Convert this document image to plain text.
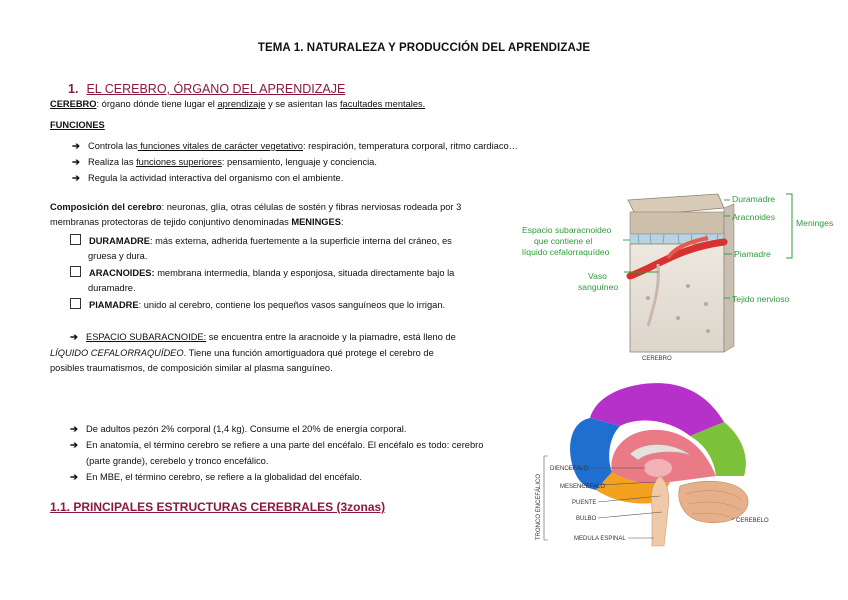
TEMA 1. NATURALEZA Y PRODUCCIÓN DEL APRENDIZAJE
1. EL CEREBRO, ÓRGANO DEL APRENDIZAJE
CEREBRO: órgano dónde tiene lugar el aprendizaje y se asientan las facultades mentales.
FUNCIONES
➔ Controla las funciones vitales de carácter vegetativo: respiración, temperatura corporal, ritmo cardiaco…
➔ Realiza las funciones superiores: pensamiento, lenguaje y conciencia.
➔ Regula la actividad interactiva del organismo con el ambiente.
Composición del cerebro: neuronas, glía, otras células de sostén y fibras nerviosas rodeada por 3
membranas protectoras de tejido conjuntivo denominadas MENINGES:
DURAMADRE: más externa, adherida fuertemente a la superficie interna del cráneo, es
gruesa y dura.
ARACNOIDES: membrana intermedia, blanda y esponjosa, situada directamente bajo la
duramadre.
PIAMADRE: unido al cerebro, contiene los pequeños vasos sanguíneos que lo irrigan.
➔ ESPACIO SUBARACNOIDE: se encuentra entre la aracnoide y la piamadre, está lleno de
LÍQUIDO CEFALORRAQUÍDEO. Tiene una función amortiguadora qué protege el cerebro de
posibles traumatismos, de composición similar al plasma sanguíneo.
➔ De adultos pezón 2% corporal (1,4 kg). Consume el 20% de energía corporal.
➔ En anatomía, el término cerebro se refiere a una parte del encéfalo. El encéfalo es todo: cerebro
(parte grande), cerebelo y tronco encefálico.
➔ En MBE, el término cerebro, se refiere a la globalidad del encéfalo.
1.1. PRINCIPALES ESTRUCTURAS CEREBRALES (3zonas)
Duramadre
Aracnoides
Meninges
Espacio subaracnoideo
que contiene el
líquido cefalorraquídeo	Piamadre
Vaso
sanguíneo
Tejido nervioso
CEREBRO
TRONCO ENCEFÁLICO
DIENCEFALO
MESENCEFALO
PUENTE
BULBO
MEDULA ESPINAL
CEREBELO
